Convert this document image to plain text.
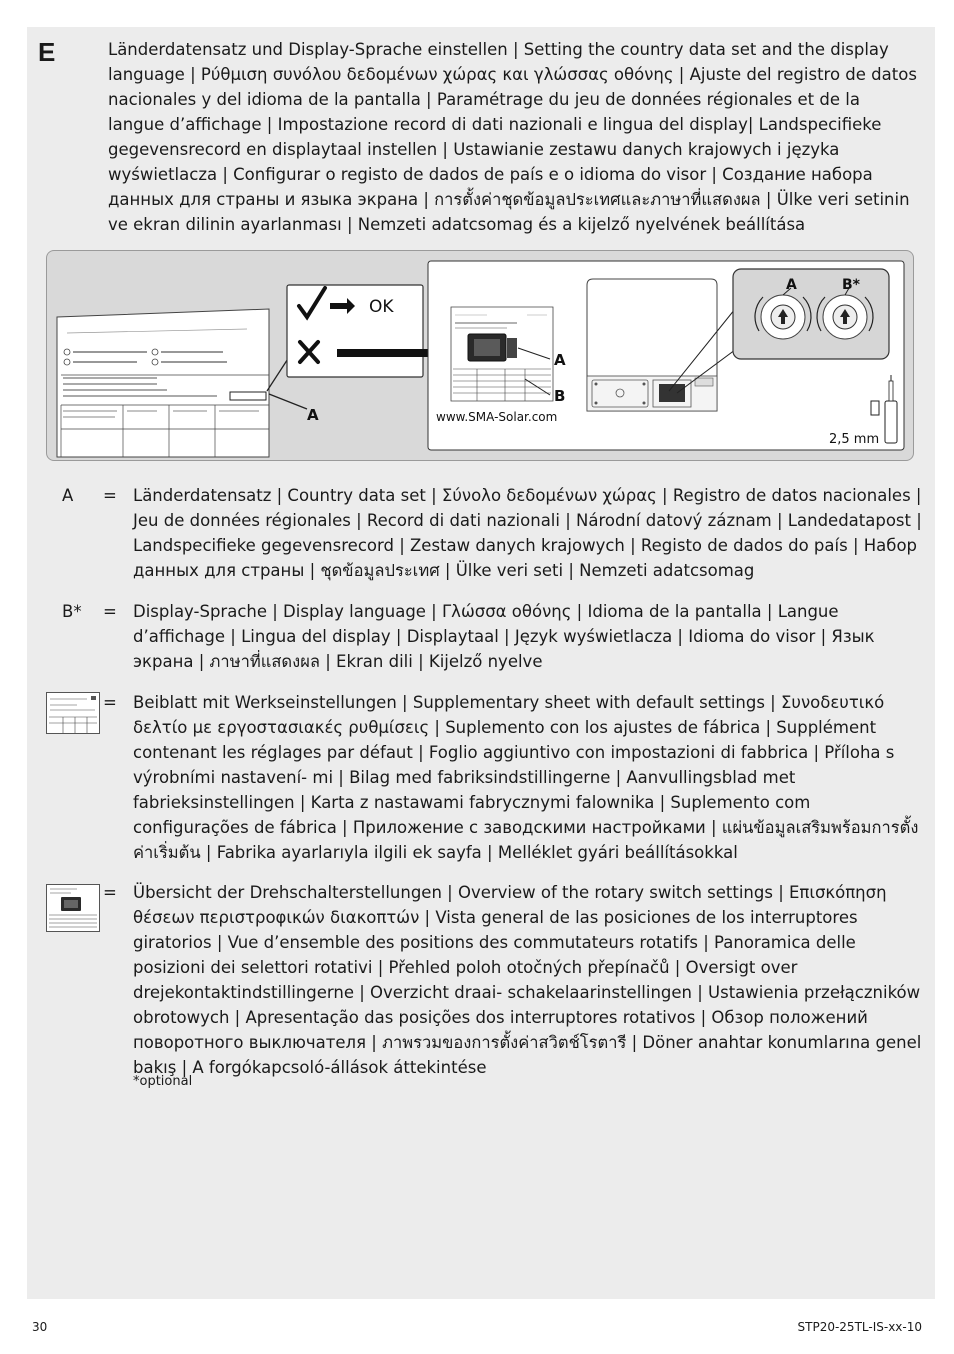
E	Länderdatensatz und Display-Sprache einstellen | Setting the country data set and the display language | Ρύθμιση συνόλου δεδομένων χώρας και γλώσσας οθόνης | Ajuste del registro de datos nacionales y del idioma de la pantalla | Paramétrage du jeu de données régionales et de la langue d’affichage | Impostazione record di dati nazionali e lingua del display| Landspecifieke gegevensrecord en displaytaal instellen | Ustawianie zestawu danych krajowych i języka wyświetlacza | Configurar o registo de dados de país e o idioma do visor | Создание набора данных для страны и языка экрана | การตั้งค่าชุดข้อมูลประเทศและภาษาที่แสดงผล | Ülke veri setinin ve ekran dilinin ayarlanması | Nemzeti adatcsomag és a kijelző nyelvének beállítása
A
OK
A
B
www.SMA-Solar.com
A	B*
2,5 mm
A	= Länderdatensatz | Country data set | Σύνολο δεδομένων χώρας | Registro de datos nacionales | Jeu de données régionales | Record di dati nazionali | Národní datový záznam | Landedatapost | Landspecifieke gegevensrecord | Zestaw danych krajowych | Registo de dados do país | Набор данных для страны | ชุดข้อมูลประเทศ | Ülke veri seti | Nemzeti adatcsomag
B*	= Display-Sprache | Display language | Γλώσσα οθόνης | Idioma de la pantalla | Langue d’affichage | Lingua del display | Displaytaal | Język wyświetlacza | Idioma do visor | Язык экрана | ภาษาที่แสดงผล | Ekran dili | Kijelző nyelve
= Beiblatt mit Werkseinstellungen | Supplementary sheet with default settings | Συνοδευτικό δελτίο με εργοστασιακές ρυθμίσεις | Suplemento con los ajustes de fábrica | Supplément contenant les réglages par défaut | Foglio aggiuntivo con impostazioni di fabbrica | Příloha s výrobními nastavení- mi | Bilag med fabriksindstillingerne | Aanvullingsblad met fabrieksinstellingen | Karta z nastawami fabrycznymi falownika | Suplemento com configurações de fábrica | Приложение с заводскими настройками | แผ่นข้อมูลเสริมพร้อมการตั้งค่าเริ่มต้น | Fabrika ayarlarıyla ilgili ek sayfa | Melléklet gyári beállításokkal
= Übersicht der Drehschalterstellungen | Overview of the rotary switch settings | Επισκόπηση θέσεων περιστροφικών διακοπτών | Vista general de las posiciones de los interruptores giratorios | Vue d’ensemble des positions des commutateurs rotatifs | Panoramica delle posizioni dei selettori rotativi | Přehled poloh otočných přepínačů | Oversigt over drejekontaktindstillingerne | Overzicht draai- schakelaarinstellingen | Ustawienia przełączników obrotowych | Apresentação das posições dos interruptores rotativos | Обзор положений поворотного выключателя | ภาพรวมของการตั้งค่าสวิตช์โรตารี | Döner anahtar konumlarına genel bakış | A forgókapcsoló-állások áttekintése
*optional
30	STP20-25TL-IS-xx-10
